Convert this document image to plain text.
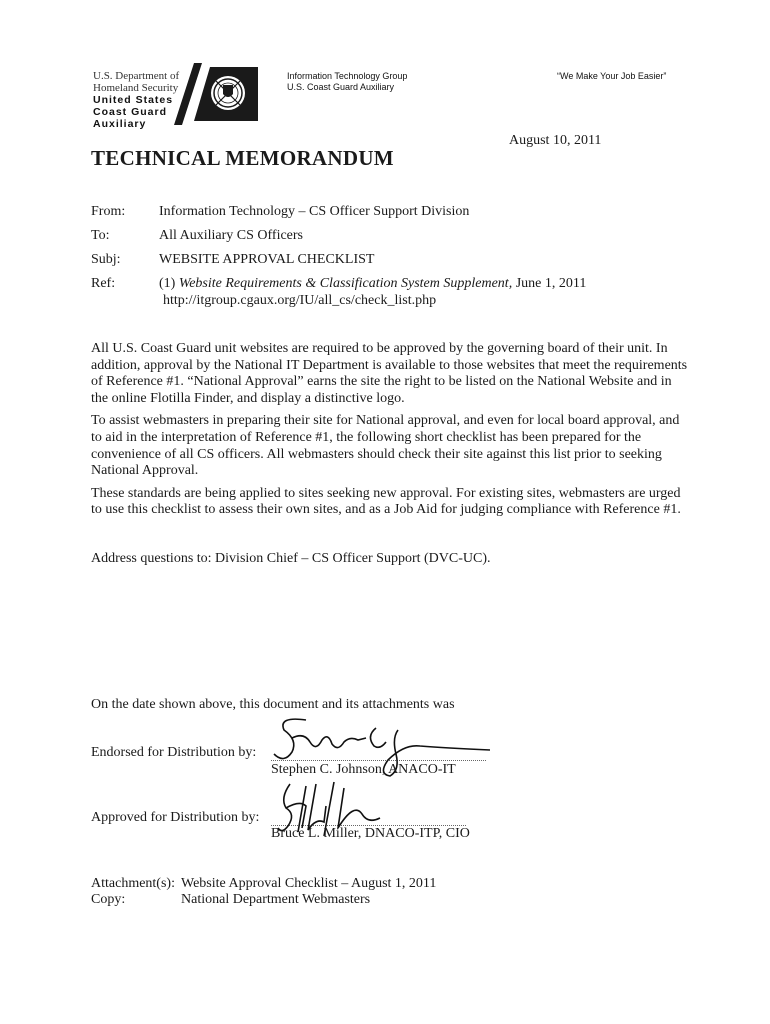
U.S. Department of
Homeland Security
United States
Coast Guard
Auxiliary
Information Technology Group
U.S. Coast Guard Auxiliary
“We Make Your Job Easier”
August 10, 2011
TECHNICAL MEMORANDUM
From: Information Technology – CS Officer Support Division
To:	All Auxiliary CS Officers
Subj:	WEBSITE APPROVAL CHECKLIST
Ref:	(1) Website Requirements & Classification System Supplement, June 1, 2011
http://itgroup.cgaux.org/IU/all_cs/check_list.php

All U.S. Coast Guard unit websites are required to be approved by the governing board of their unit. In addition, approval by the National IT Department is available to those websites that meet the requirements of Reference #1. “National Approval” earns the site the right to be listed on the National Website and in the online Flotilla Finder, and display a distinctive logo.

To assist webmasters in preparing their site for National approval, and even for local board approval, and to aid in the interpretation of Reference #1, the following short checklist has been prepared for the convenience of all CS officers. All webmasters should check their site against this list prior to seeking National Approval.

These standards are being applied to sites seeking new approval. For existing sites, webmasters are urged to use this checklist to assess their own sites, and as a Job Aid for judging compliance with Reference #1.

Address questions to: Division Chief – CS Officer Support (DVC-UC).
On the date shown above, this document and its attachments was
Endorsed for Distribution by:
Stephen C. Johnson, ANACO-IT
Approved for Distribution by:
Bruce L. Miller, DNACO-ITP, CIO
Attachment(s): Website Approval Checklist – August 1, 2011
Copy:	National Department Webmasters
